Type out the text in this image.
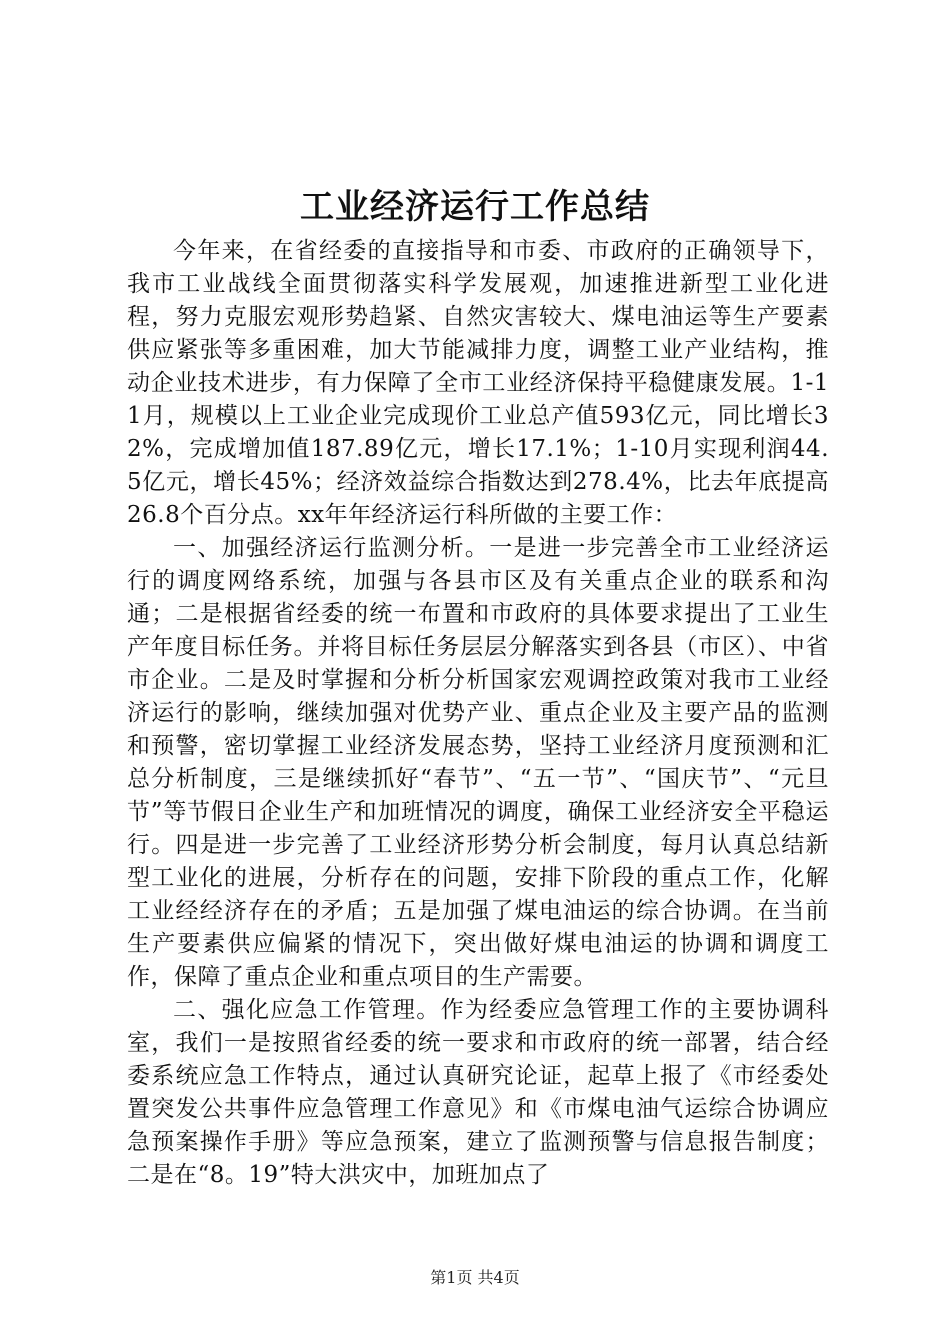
工业经济运行工作总结

今年来，在省经委的直接指导和市委、市政府的正确领导下，我市工业战线全面贯彻落实科学发展观，加速推进新型工业化进程，努力克服宏观形势趋紧、自然灾害较大、煤电油运等生产要素供应紧张等多重困难，加大节能减排力度，调整工业产业结构，推动企业技术进步，有力保障了全市工业经济保持平稳健康发展。1-11月，规模以上工业企业完成现价工业总产值593亿元，同比增长32%，完成增加值187.89亿元，增长17.1%；1-10月实现利润44.5亿元，增长45%；经济效益综合指数达到278.4%，比去年底提高26.8个百分点。xx年年经济运行科所做的主要工作：

一、加强经济运行监测分析。一是进一步完善全市工业经济运行的调度网络系统，加强与各县市区及有关重点企业的联系和沟通；二是根据省经委的统一布置和市政府的具体要求提出了工业生产年度目标任务。并将目标任务层层分解落实到各县（市区）、中省市企业。二是及时掌握和分析分析国家宏观调控政策对我市工业经济运行的影响，继续加强对优势产业、重点企业及主要产品的监测和预警，密切掌握工业经济发展态势，坚持工业经济月度预测和汇总分析制度，三是继续抓好“春节”、“五一节”、“国庆节”、“元旦节”等节假日企业生产和加班情况的调度，确保工业经济安全平稳运行。四是进一步完善了工业经济形势分析会制度，每月认真总结新型工业化的进展，分析存在的问题，安排下阶段的重点工作，化解工业经经济存在的矛盾；五是加强了煤电油运的综合协调。在当前生产要素供应偏紧的情况下，突出做好煤电油运的协调和调度工作，保障了重点企业和重点项目的生产需要。

二、强化应急工作管理。作为经委应急管理工作的主要协调科室，我们一是按照省经委的统一要求和市政府的统一部署，结合经委系统应急工作特点，通过认真研究论证，起草上报了《市经委处置突发公共事件应急管理工作意见》和《市煤电油气运综合协调应急预案操作手册》等应急预案，建立了监测预警与信息报告制度；二是在“8。19”特大洪灾中，加班加点了

第1页 共4页
